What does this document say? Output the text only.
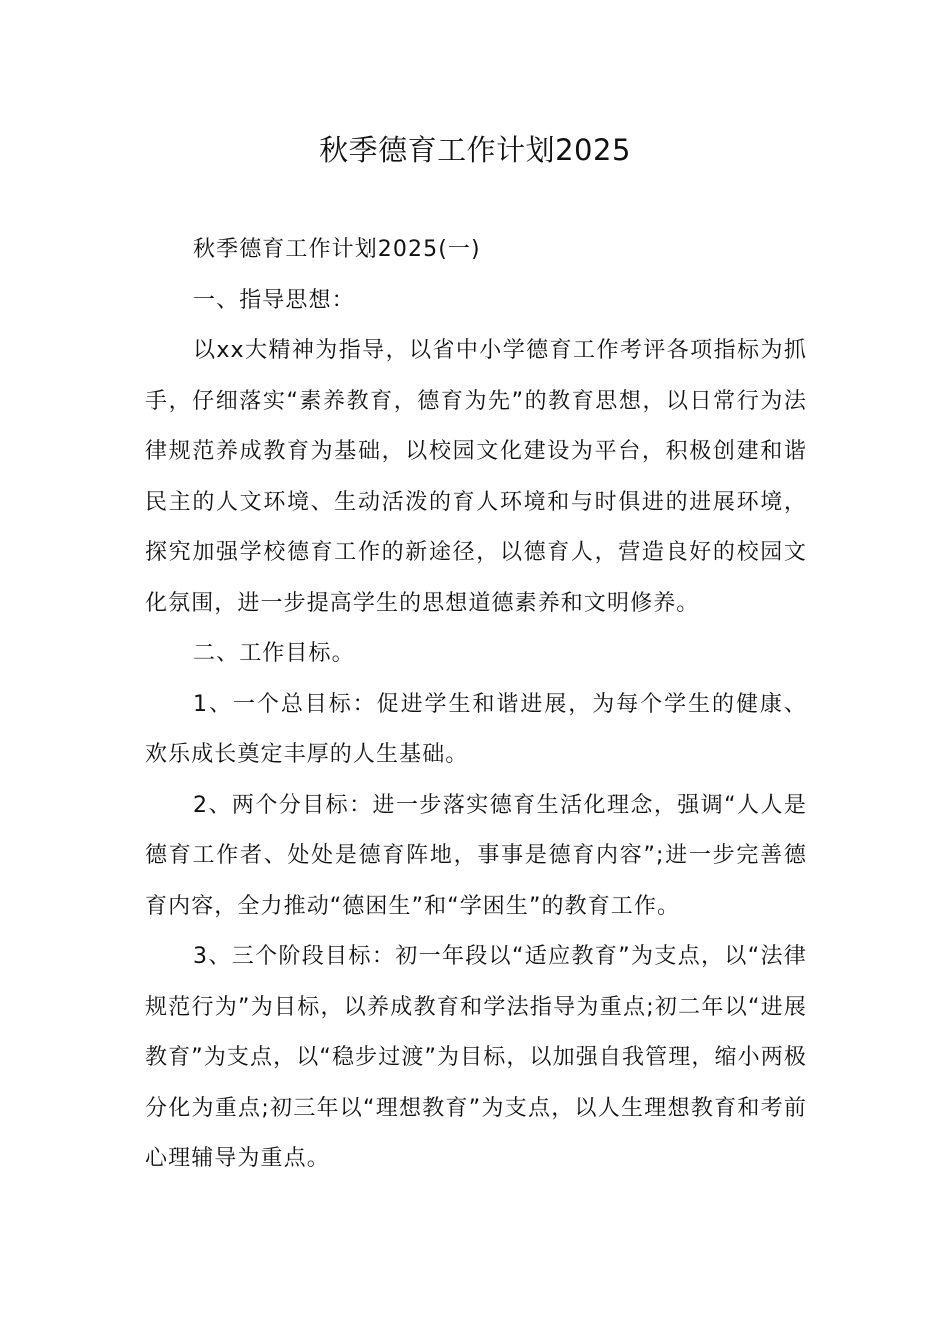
秋季德育工作计划2025

秋季德育工作计划2025(一)

一、指导思想：

以xx大精神为指导，以省中小学德育工作考评各项指标为抓手，仔细落实“素养教育，德育为先”的教育思想，以日常行为法律规范养成教育为基础，以校园文化建设为平台，积极创建和谐民主的人文环境、生动活泼的育人环境和与时俱进的进展环境，探究加强学校德育工作的新途径，以德育人，营造良好的校园文化氛围，进一步提高学生的思想道德素养和文明修养。

二、工作目标。

1、一个总目标：促进学生和谐进展，为每个学生的健康、欢乐成长奠定丰厚的人生基础。

2、两个分目标：进一步落实德育生活化理念，强调“人人是德育工作者、处处是德育阵地，事事是德育内容”;进一步完善德育内容，全力推动“德困生”和“学困生”的教育工作。

3、三个阶段目标：初一年段以“适应教育”为支点，以“法律规范行为”为目标，以养成教育和学法指导为重点;初二年以“进展教育”为支点，以“稳步过渡”为目标，以加强自我管理，缩小两极分化为重点;初三年以“理想教育”为支点，以人生理想教育和考前心理辅导为重点。
